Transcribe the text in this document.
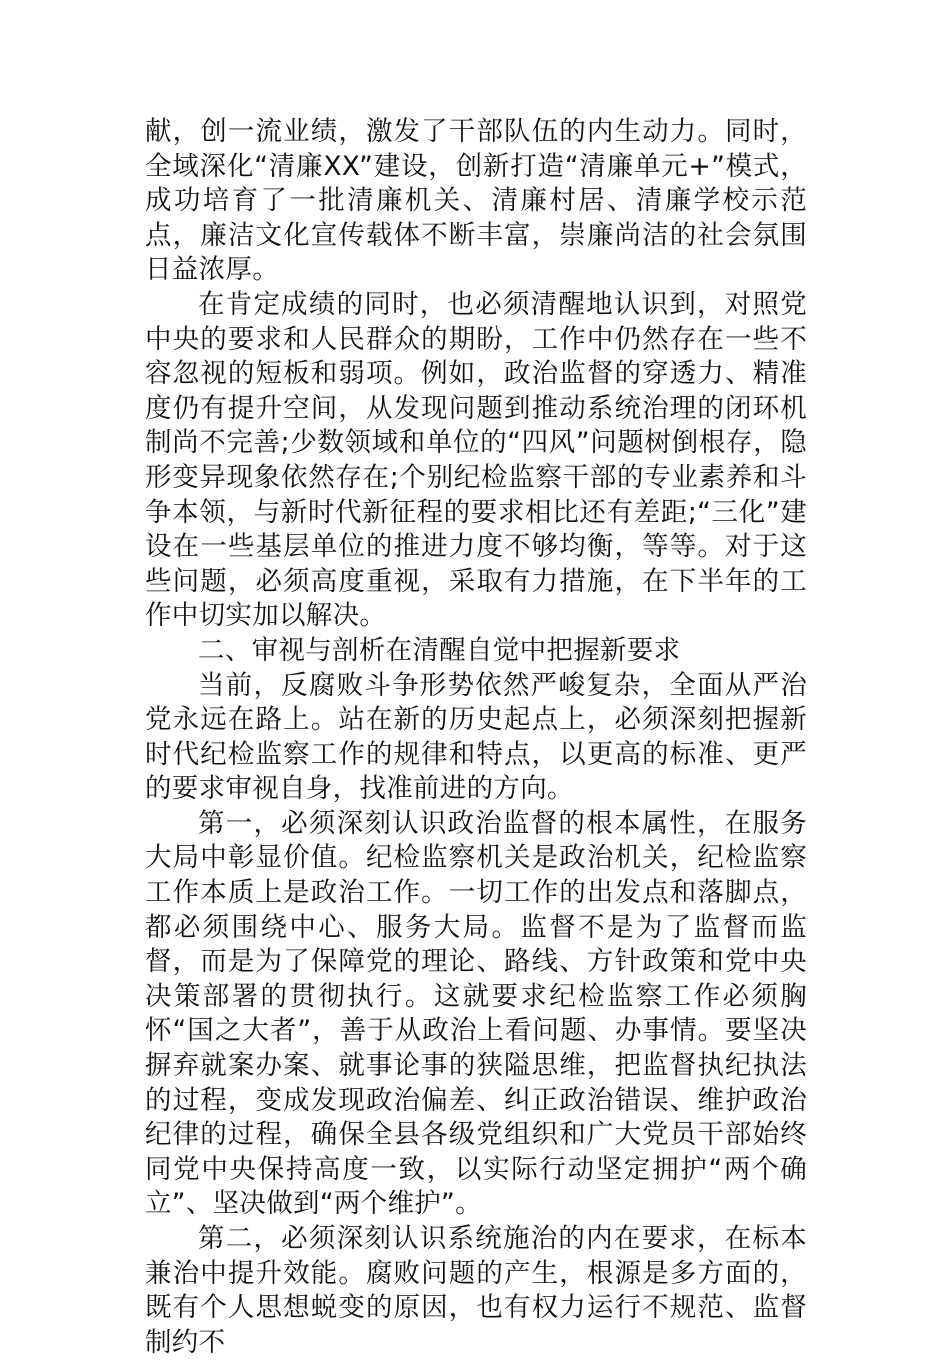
献，创一流业绩，激发了干部队伍的内生动力。同时，全域深化“清廉XX”建设，创新打造“清廉单元+”模式，成功培育了一批清廉机关、清廉村居、清廉学校示范点，廉洁文化宣传载体不断丰富，崇廉尚洁的社会氛围日益浓厚。

在肯定成绩的同时，也必须清醒地认识到，对照党中央的要求和人民群众的期盼，工作中仍然存在一些不容忽视的短板和弱项。例如，政治监督的穿透力、精准度仍有提升空间，从发现问题到推动系统治理的闭环机制尚不完善;少数领域和单位的“四风”问题树倒根存，隐形变异现象依然存在;个别纪检监察干部的专业素养和斗争本领，与新时代新征程的要求相比还有差距;“三化”建设在一些基层单位的推进力度不够均衡，等等。对于这些问题，必须高度重视，采取有力措施，在下半年的工作中切实加以解决。

二、审视与剖析在清醒自觉中把握新要求

当前，反腐败斗争形势依然严峻复杂，全面从严治党永远在路上。站在新的历史起点上，必须深刻把握新时代纪检监察工作的规律和特点，以更高的标准、更严的要求审视自身，找准前进的方向。

第一，必须深刻认识政治监督的根本属性，在服务大局中彰显价值。纪检监察机关是政治机关，纪检监察工作本质上是政治工作。一切工作的出发点和落脚点，都必须围绕中心、服务大局。监督不是为了监督而监督，而是为了保障党的理论、路线、方针政策和党中央决策部署的贯彻执行。这就要求纪检监察工作必须胸怀“国之大者”，善于从政治上看问题、办事情。要坚决摒弃就案办案、就事论事的狭隘思维，把监督执纪执法的过程，变成发现政治偏差、纠正政治错误、维护政治纪律的过程，确保全县各级党组织和广大党员干部始终同党中央保持高度一致，以实际行动坚定拥护“两个确立”、坚决做到“两个维护”。

第二，必须深刻认识系统施治的内在要求，在标本兼治中提升效能。腐败问题的产生，根源是多方面的，既有个人思想蜕变的原因，也有权力运行不规范、监督制约不
